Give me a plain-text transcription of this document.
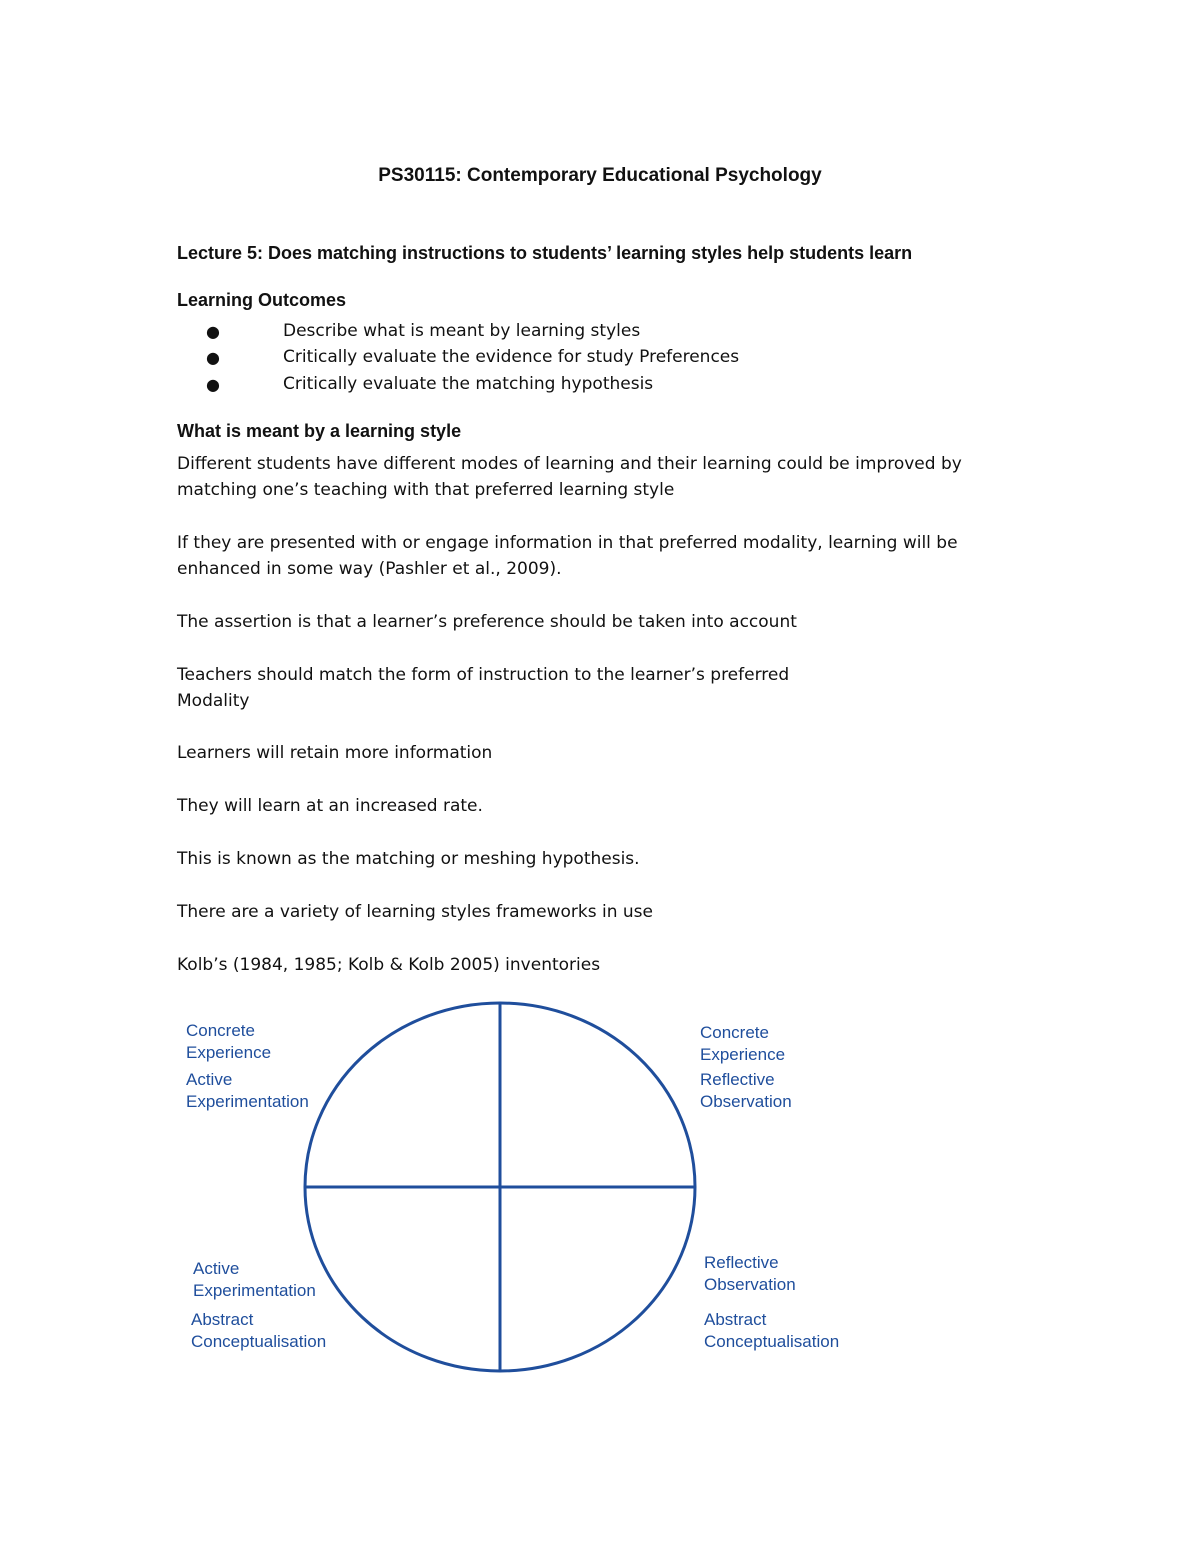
PS30115: Contemporary Educational Psychology

Lecture 5: Does matching instructions to students’ learning styles help students learn

Learning Outcomes

●	Describe what is meant by learning styles

●	Critically evaluate the evidence for study Preferences

●	Critically evaluate the matching hypothesis

What is meant by a learning style

Different students have different modes of learning and their learning could be improved by

matching one’s teaching with that preferred learning style

If they are presented with or engage information in that preferred modality, learning will be

enhanced in some way (Pashler et al., 2009).

The assertion is that a learner’s preference should be taken into account

Teachers should match the form of instruction to the learner’s preferred

Modality

Learners will retain more information

They will learn at an increased rate.

This is known as the matching or meshing hypothesis.

There are a variety of learning styles frameworks in use

Kolb’s (1984, 1985; Kolb & Kolb 2005) inventories

Concrete

Experience

Active

Experimentation

Concrete

Experience

Reflective

Observation

Active

Experimentation

Abstract

Conceptualisation

Reflective

Observation

Abstract

Conceptualisation
